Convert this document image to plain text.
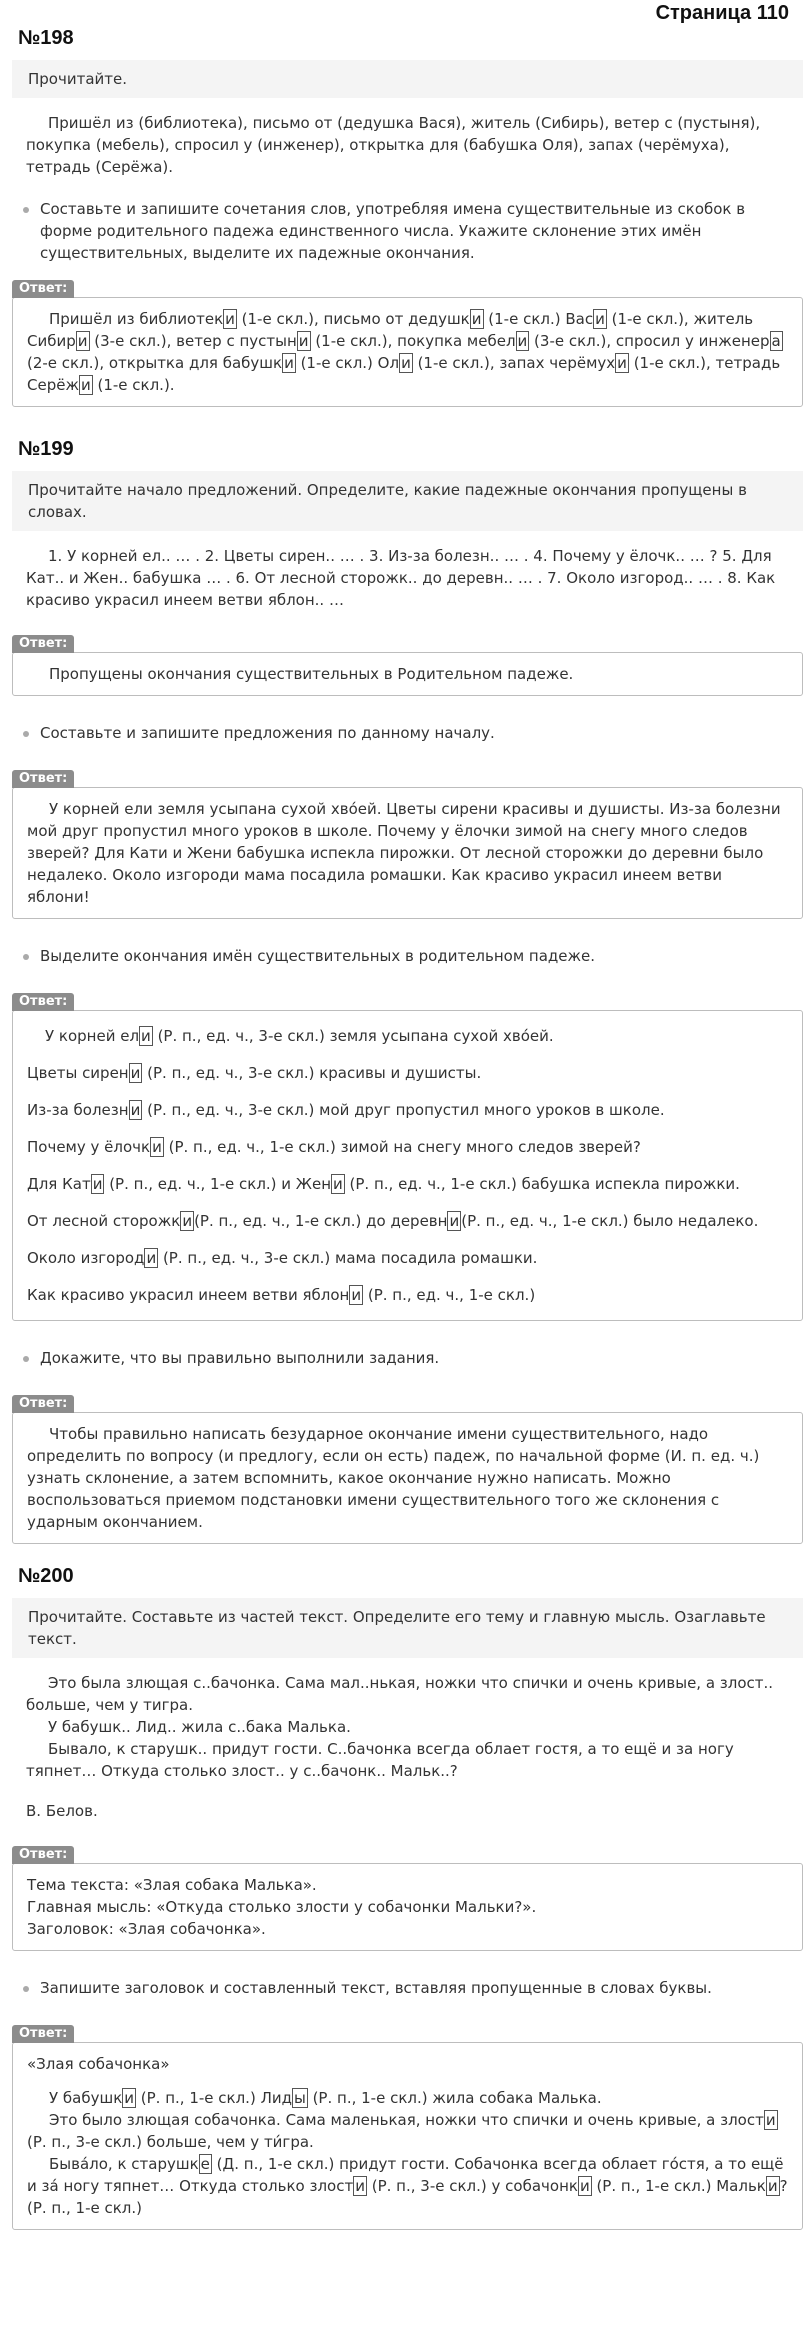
Страница 110
№198
Прочитайте.

Пришёл из (библиотека), письмо от (дедушка Вася), житель (Сибирь), ветер с (пустыня), покупка (мебель), спросил у (инженер), открытка для (бабушка Оля), запах (черёмуха), тетрадь (Серёжа).

Составьте и запишите сочетания слов, употребляя имена существительные из скобок в форме родительного падежа единственного числа. Укажите склонение этих имён существительных, выделите их падежные окончания.
Ответ:

Пришёл из библиотек и (1-е скл.), письмо от дедушк и (1-е скл.) Вас и (1-е скл.), житель Сибир и (3-е скл.), ветер с пустын и (1-е скл.), покупка мебел и (3-е скл.), спросил у инженер а (2-е скл.), открытка для бабушк и (1-е скл.) Ол и (1-е скл.), запах черёмух и (1-е скл.), тетрадь Серёж и (1-е скл.).

№199
Прочитайте начало предложений. Определите, какие падежные окончания пропущены в словах.

1. У корней ел.. … . 2. Цветы сирен.. … . 3. Из-за болезн.. … . 4. Почему у ёлочк.. … ? 5. Для Кат.. и Жен.. бабушка … . 6. От лесной сторожк.. до деревн.. … . 7. Около изгород.. … . 8. Как красиво украсил инеем ветви яблон.. …

Ответ:

Пропущены окончания существительных в Родительном падеже.

Составьте и запишите предложения по данному началу.
Ответ:

У корней ели земля усыпана сухой хво́ей. Цветы сирени красивы и душисты. Из-за болезни мой друг пропустил много уроков в школе. Почему у ёлочки зимой на снегу много следов зверей? Для Кати и Жени бабушка испекла пирожки. От лесной сторожки до деревни было недалеко. Около изгороди мама посадила ромашки. Как красиво украсил инеем ветви яблони!

Выделите окончания имён существительных в родительном падеже.
Ответ:

У корней ел и (Р. п., ед. ч., 3-е скл.) земля усыпана сухой хво́ей.

Цветы сирен и (Р. п., ед. ч., 3-е скл.) красивы и душисты.

Из-за болезн и (Р. п., ед. ч., 3-е скл.) мой друг пропустил много уроков в школе.

Почему у ёлочк и (Р. п., ед. ч., 1-е скл.) зимой на снегу много следов зверей?

Для Кат и (Р. п., ед. ч., 1-е скл.) и Жен и (Р. п., ед. ч., 1-е скл.) бабушка испекла пирожки.

От лесной сторожк и (Р. п., ед. ч., 1-е скл.) до деревн и (Р. п., ед. ч., 1-е скл.) было недалеко.

Около изгород и (Р. п., ед. ч., 3-е скл.) мама посадила ромашки.

Как красиво украсил инеем ветви яблон и (Р. п., ед. ч., 1-е скл.)

Докажите, что вы правильно выполнили задания.
Ответ:

Чтобы правильно написать безударное окончание имени существительного, надо определить по вопросу (и предлогу, если он есть) падеж, по начальной форме (И. п. ед. ч.) узнать склонение, а затем вспомнить, какое окончание нужно написать. Можно воспользоваться приемом подстановки имени существительного того же склонения с ударным окончанием.

№200
Прочитайте. Составьте из частей текст. Определите его тему и главную мысль. Озаглавьте текст.

Это была злющая с..бачонка. Сама мал..нькая, ножки что спички и очень кривые, а злост.. больше, чем у тигра.

У бабушк.. Лид.. жила с..бака Малька.

Бывало, к старушк.. придут гости. С..бачонка всегда облает гостя, а то ещё и за ногу тяпнет… Откуда столько злост.. у с..бачонк.. Мальк..?

В. Белов.
Ответ:

Тема текста: «Злая собака Малька».

Главная мысль: «Откуда столько злости у собачонки Мальки?».

Заголовок: «Злая собачонка».

Запишите заголовок и составленный текст, вставляя пропущенные в словах буквы.
Ответ:

«Злая собачонка»

У бабушк и (Р. п., 1-е скл.) Лид ы (Р. п., 1-е скл.) жила собака Малька.

Это было злющая собачонка. Сама маленькая, ножки что спички и очень кривые, а злост и (Р. п., 3-е скл.) больше, чем у ти́гра.

Быва́ло, к старушк е (Д. п., 1-е скл.) придут гости. Собачонка всегда облает го́стя, а то ещё и за́ ногу тяпнет… Откуда столько злост и (Р. п., 3-е скл.) у собачонк и (Р. п., 1-е скл.) Мальк и ? (Р. п., 1-е скл.)
